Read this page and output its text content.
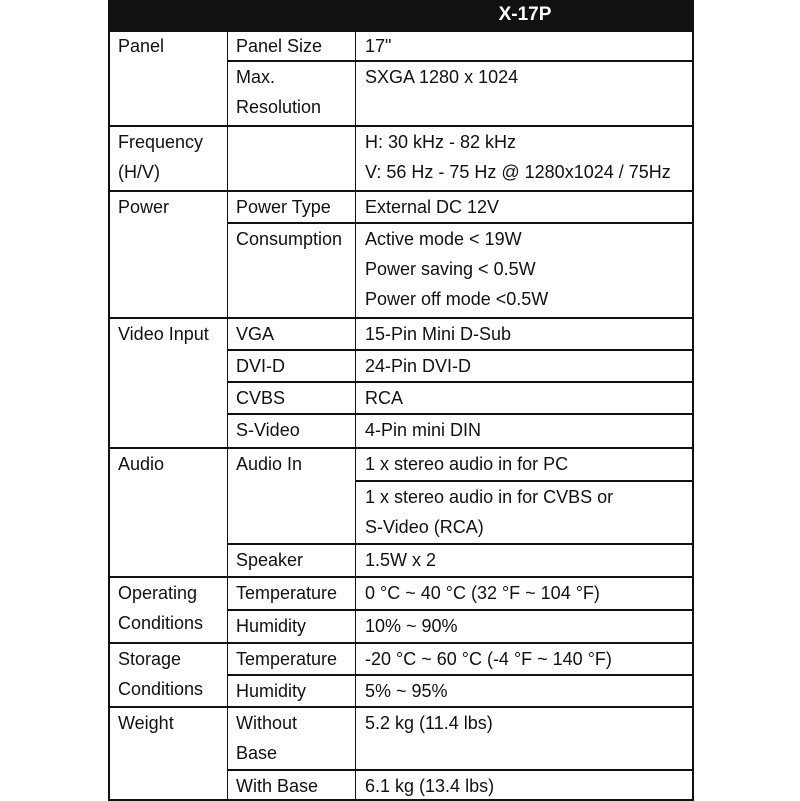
X-17P
Panel
Frequency
(H/V)
Power
Video Input
Audio
Operating
Conditions
Storage
Conditions
Weight
Panel Size
Max.
Resolution
Power Type
Consumption
VGA
DVI-D
CVBS
S-Video
Audio In
Speaker
Temperature
Humidity
Temperature
Humidity
Without
Base
With Base
17"
SXGA 1280 x 1024
H: 30 kHz - 82 kHz
V: 56 Hz - 75 Hz @ 1280x1024 / 75Hz
External DC 12V
Active mode < 19W
Power saving < 0.5W
Power off mode <0.5W
15-Pin Mini D-Sub
24-Pin DVI-D
RCA
4-Pin mini DIN
1 x stereo audio in for PC
1 x stereo audio in for CVBS or
S-Video (RCA)
1.5W x 2
0 °C ~ 40 °C (32 °F ~ 104 °F)
10% ~ 90%
-20 °C ~ 60 °C (-4 °F ~ 140 °F)
5% ~ 95%
5.2 kg (11.4 lbs)
6.1 kg (13.4 lbs)
